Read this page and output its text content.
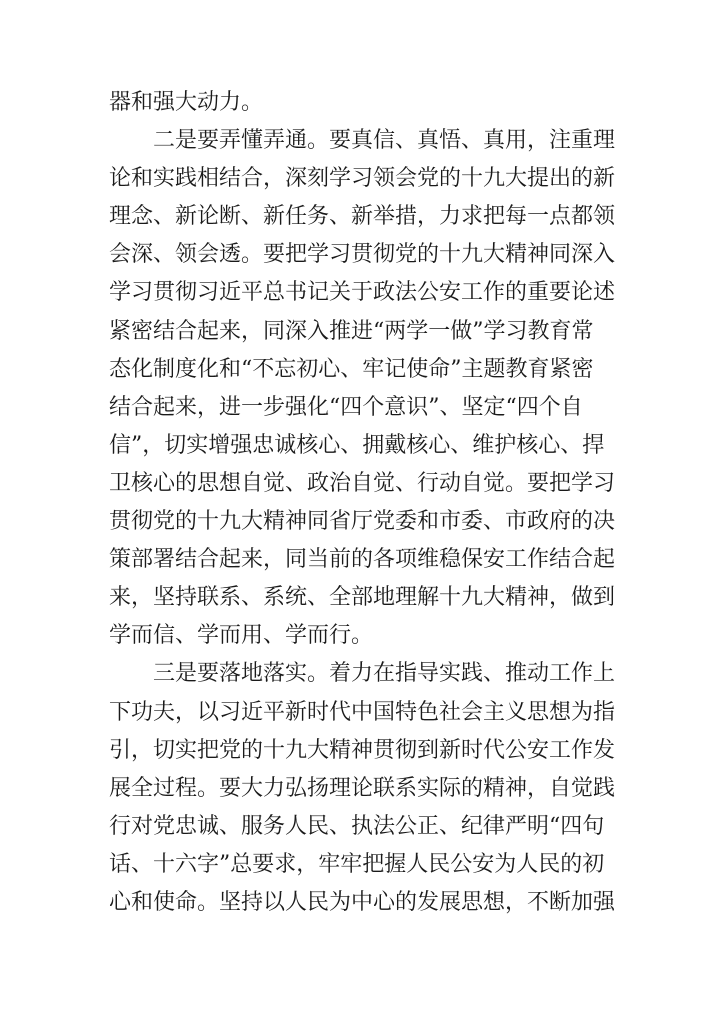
器和强大动力。
二是要弄懂弄通。要真信、真悟、真用，注重理
论和实践相结合，深刻学习领会党的十九大提出的新
理念、新论断、新任务、新举措，力求把每一点都领
会深、领会透。要把学习贯彻党的十九大精神同深入
学习贯彻习近平总书记关于政法公安工作的重要论述
紧密结合起来，同深入推进“两学一做”学习教育常
态化制度化和“不忘初心、牢记使命”主题教育紧密
结合起来，进一步强化“四个意识”、坚定“四个自
信”，切实增强忠诚核心、拥戴核心、维护核心、捍
卫核心的思想自觉、政治自觉、行动自觉。要把学习
贯彻党的十九大精神同省厅党委和市委、市政府的决
策部署结合起来，同当前的各项维稳保安工作结合起
来，坚持联系、系统、全部地理解十九大精神，做到
学而信、学而用、学而行。
三是要落地落实。着力在指导实践、推动工作上
下功夫，以习近平新时代中国特色社会主义思想为指
引，切实把党的十九大精神贯彻到新时代公安工作发
展全过程。要大力弘扬理论联系实际的精神，自觉践
行对党忠诚、服务人民、执法公正、纪律严明“四句
话、十六字”总要求，牢牢把握人民公安为人民的初
心和使命。坚持以人民为中心的发展思想，不断加强
